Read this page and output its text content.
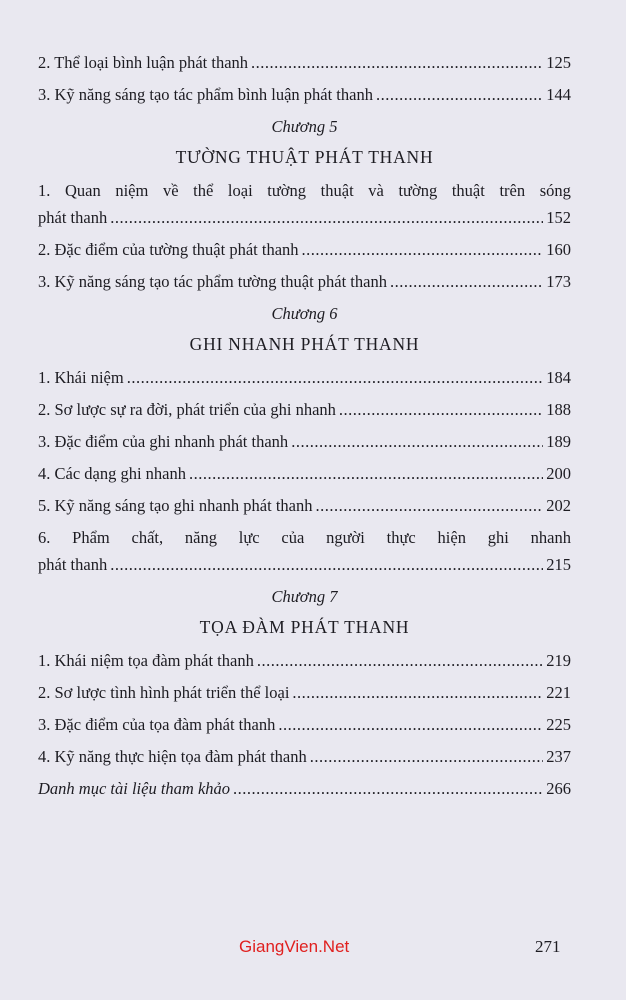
2. Thể loại bình luận phát thanh .....	125
3. Kỹ năng sáng tạo tác phẩm bình luận phát thanh .....	144
Chương 5
TƯỜNG THUẬT PHÁT THANH
1. Quan niệm về thể loại tường thuật và tường thuật trên sóng
phát thanh .....	152
2. Đặc điểm của tường thuật phát thanh .....	160
3. Kỹ năng sáng tạo tác phẩm tường thuật phát thanh .....	173
Chương 6
GHI NHANH PHÁT THANH
1. Khái niệm .....	184
2. Sơ lược sự ra đời, phát triển của ghi nhanh .....	188
3. Đặc điểm của ghi nhanh phát thanh .....	189
4. Các dạng ghi nhanh .....	200
5. Kỹ năng sáng tạo ghi nhanh phát thanh .....	202
6. Phẩm chất, năng lực của người thực hiện ghi nhanh
phát thanh .....	215
Chương 7
TỌA ĐÀM PHÁT THANH
1. Khái niệm tọa đàm phát thanh .....	219
2. Sơ lược tình hình phát triển thể loại .....	221
3. Đặc điểm của tọa đàm phát thanh .....	225
4. Kỹ năng thực hiện tọa đàm phát thanh .....	237
Danh mục tài liệu tham khảo .....	266
GiangVien.Net	271
